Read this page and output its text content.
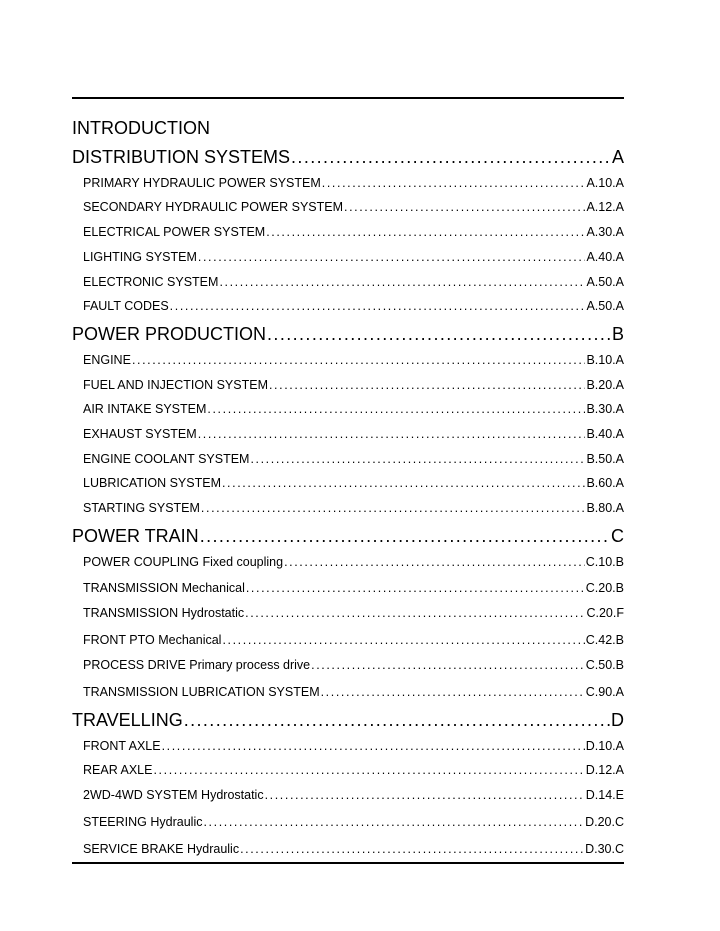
INTRODUCTION
DISTRIBUTION SYSTEMS .....	A
PRIMARY HYDRAULIC POWER SYSTEM .....	A.10.A
SECONDARY HYDRAULIC POWER SYSTEM .....	A.12.A
ELECTRICAL POWER SYSTEM .....	A.30.A
LIGHTING SYSTEM .....	A.40.A
ELECTRONIC SYSTEM .....	A.50.A
FAULT CODES .....	A.50.A
POWER PRODUCTION .....	B
ENGINE .....	B.10.A
FUEL AND INJECTION SYSTEM .....	B.20.A
AIR INTAKE SYSTEM .....	B.30.A
EXHAUST SYSTEM .....	B.40.A
ENGINE COOLANT SYSTEM .....	B.50.A
LUBRICATION SYSTEM .....	B.60.A
STARTING SYSTEM .....	B.80.A
POWER TRAIN .....	C
POWER COUPLING Fixed coupling .....	C.10.B
TRANSMISSION Mechanical .....	C.20.B
TRANSMISSION Hydrostatic .....	C.20.F
FRONT PTO Mechanical .....	C.42.B
PROCESS DRIVE Primary process drive .....	C.50.B
TRANSMISSION LUBRICATION SYSTEM .....	C.90.A
TRAVELLING .....	D
FRONT AXLE .....	D.10.A
REAR AXLE .....	D.12.A
2WD-4WD SYSTEM Hydrostatic .....	D.14.E
STEERING Hydraulic .....	D.20.C
SERVICE BRAKE Hydraulic .....	D.30.C
